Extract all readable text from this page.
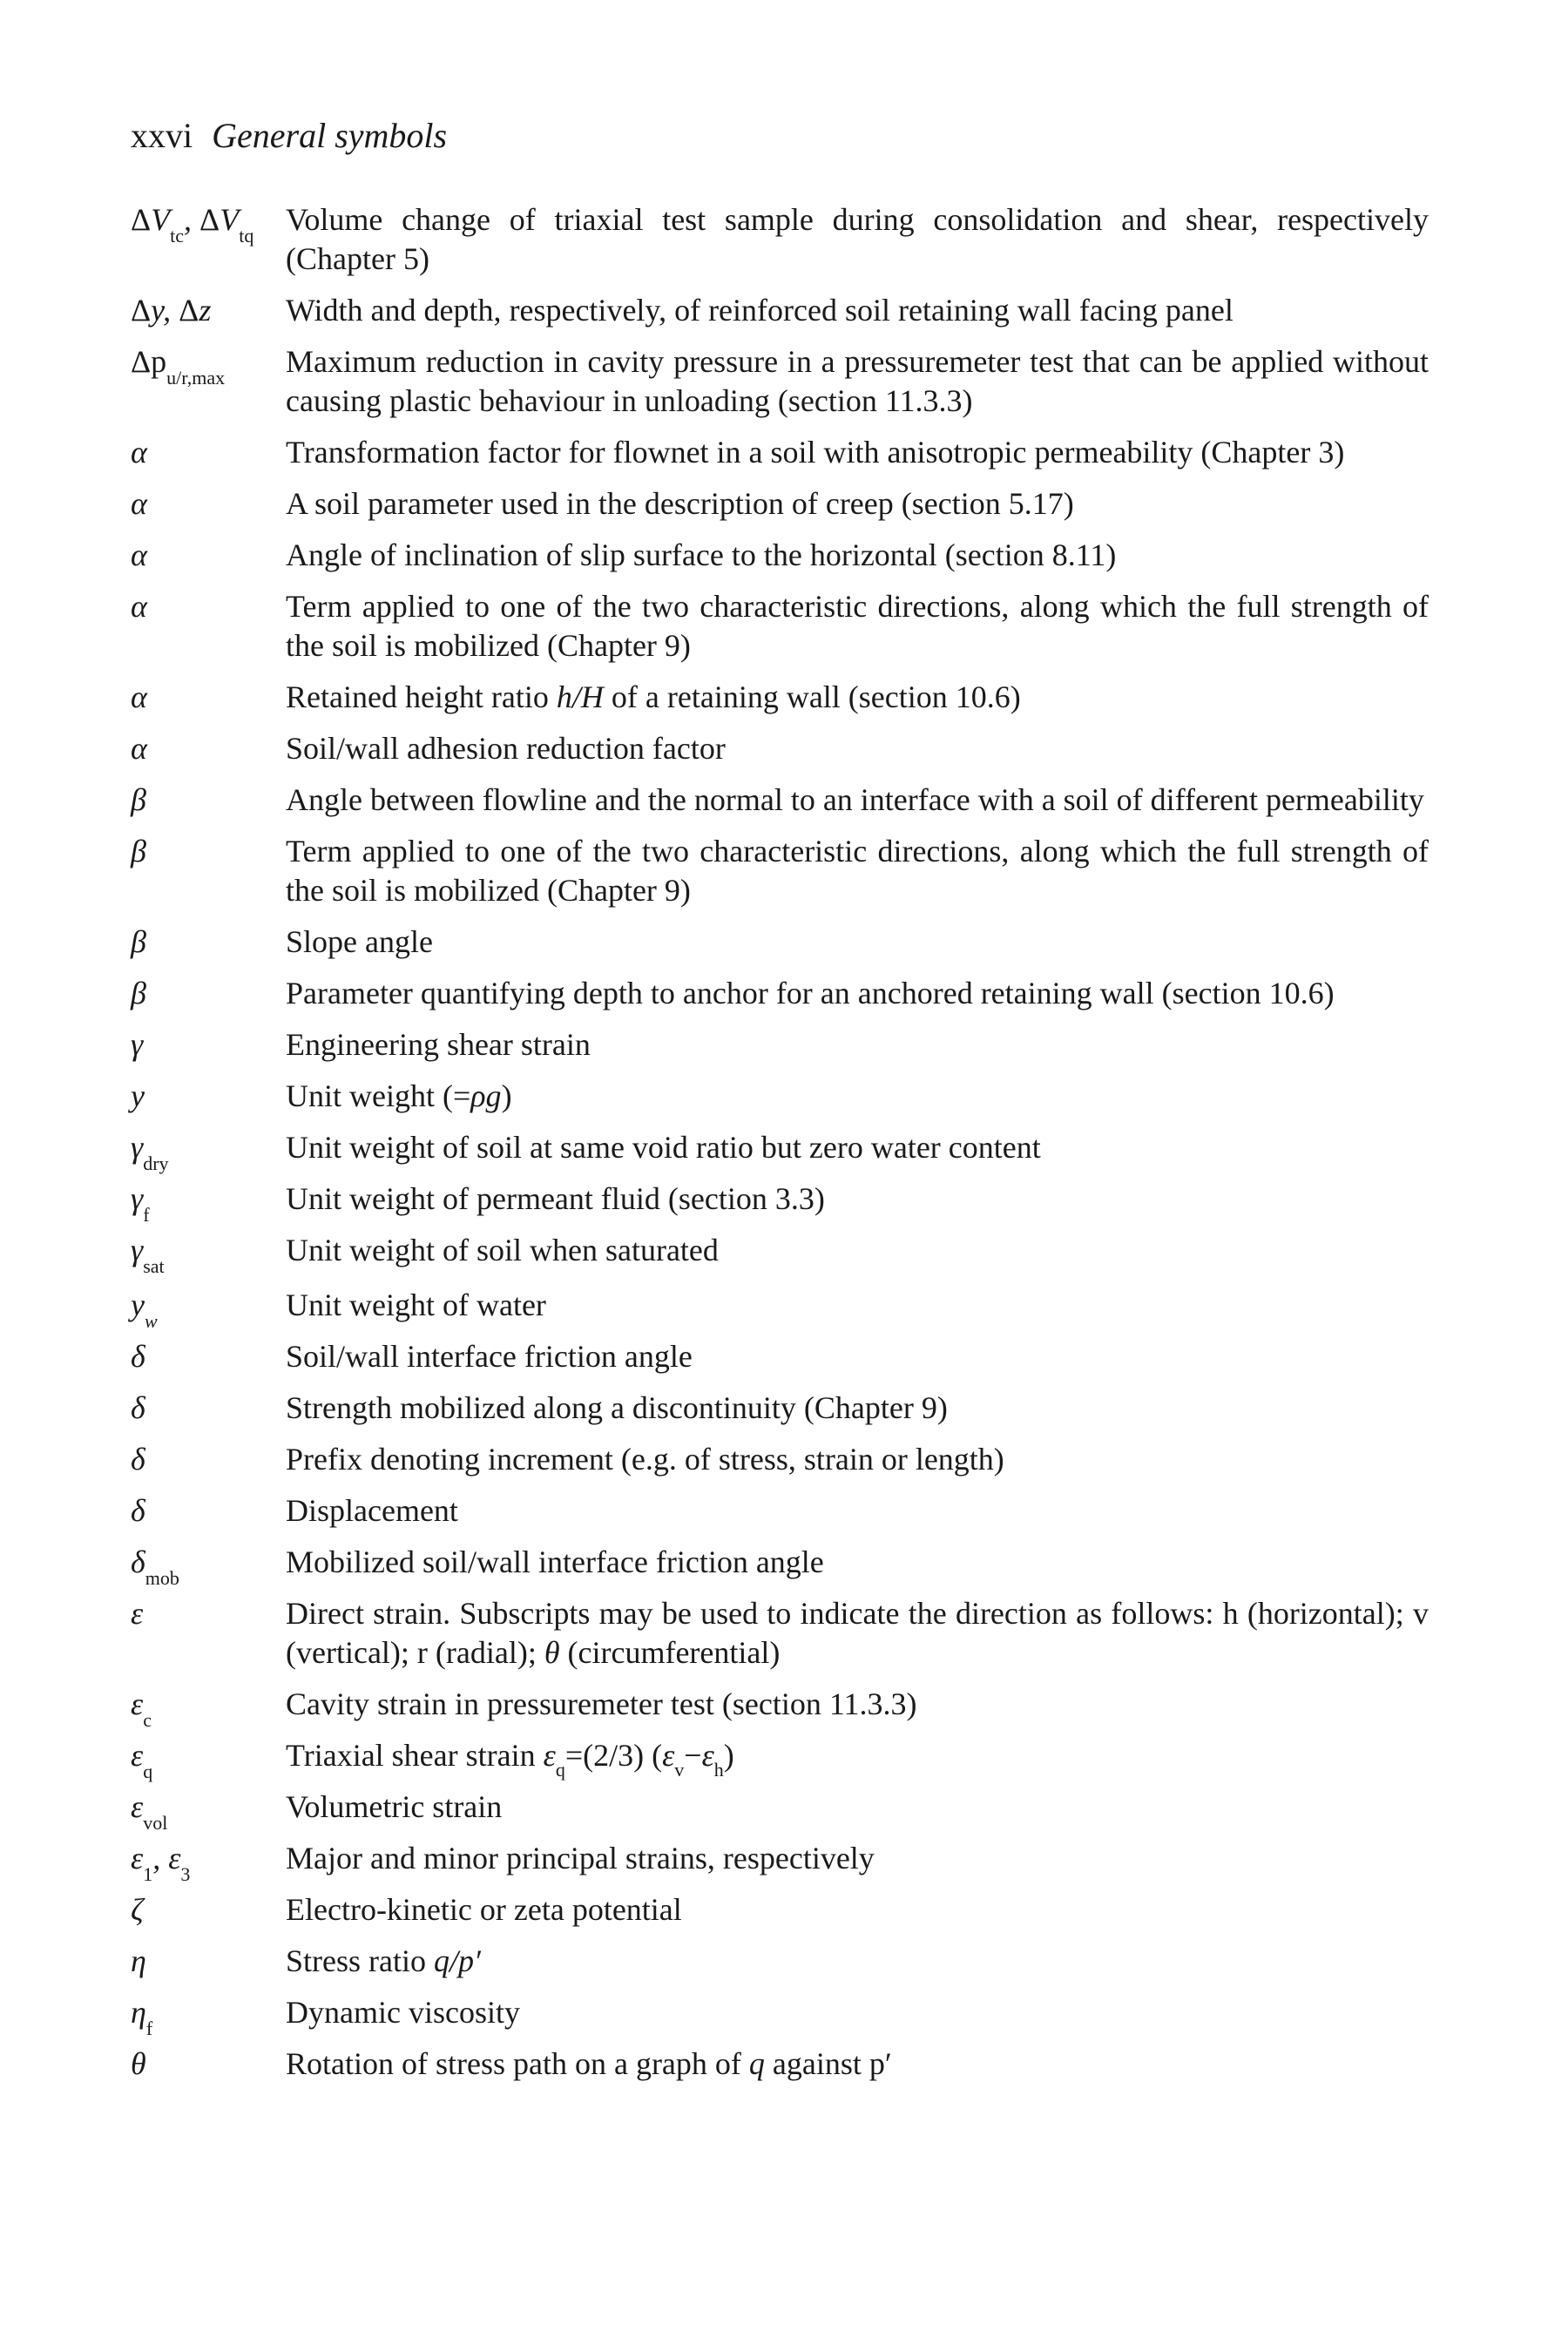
xxvi General symbols
$\Delta V_{tc}$, $\Delta V_{tq}$	Volume change of triaxial test sample during consolidation and shear, respectively (Chapter 5)
Δy, Δz	Width and depth, respectively, of reinforced soil retaining wall facing panel
$\Delta p_{u/r,max}$	Maximum reduction in cavity pressure in a pressuremeter test that can be applied without causing plastic behaviour in unloading (section 11.3.3)
α	Transformation factor for flownet in a soil with anisotropic permeability (Chapter 3)
α	A soil parameter used in the description of creep (section 5.17)
α	Angle of inclination of slip surface to the horizontal (section 8.11)
α	Term applied to one of the two characteristic directions, along which the full strength of the soil is mobilized (Chapter 9)
α	Retained height ratio h/H of a retaining wall (section 10.6)
α	Soil/wall adhesion reduction factor
β	Angle between flowline and the normal to an interface with a soil of different permeability
β	Term applied to one of the two characteristic directions, along which the full strength of the soil is mobilized (Chapter 9)
β	Slope angle
β	Parameter quantifying depth to anchor for an anchored retaining wall (section 10.6)
γ	Engineering shear strain
y	Unit weight (=ρg)
$\gamma_{dry}$	Unit weight of soil at same void ratio but zero water content
$\gamma_f$	Unit weight of permeant fluid (section 3.3)
$\gamma_{sat}$	Unit weight of soil when saturated
$y_w$	Unit weight of water
δ	Soil/wall interface friction angle
δ	Strength mobilized along a discontinuity (Chapter 9)
δ	Prefix denoting increment (e.g. of stress, strain or length)
δ	Displacement
$\delta_{mob}$	Mobilized soil/wall interface friction angle
ε	Direct strain. Subscripts may be used to indicate the direction as follows: h (horizontal); v (vertical); r (radial); θ (circumferential)
$\varepsilon_c$	Cavity strain in pressuremeter test (section 11.3.3)
$\varepsilon_q$	Triaxial shear strain $\varepsilon_q=(2/3)$ $(\varepsilon_v-\varepsilon_h)$
$\varepsilon_{vol}$	Volumetric strain
$\varepsilon_1$, $\varepsilon_3$	Major and minor principal strains, respectively
ζ	Electro-kinetic or zeta potential
η	Stress ratio q/p′
$\eta_f$	Dynamic viscosity
θ	Rotation of stress path on a graph of q against p′
